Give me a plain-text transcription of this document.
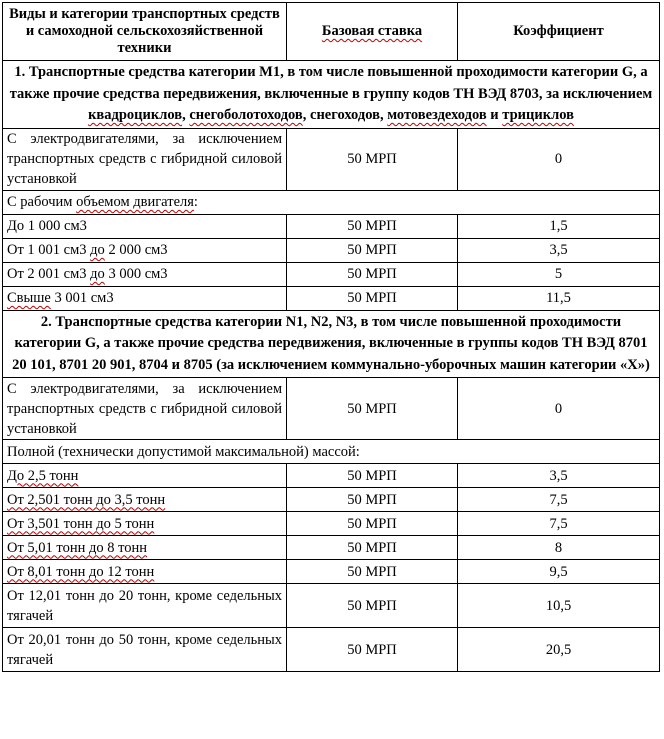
Виды и категории транспортных средств и самоходной сельскохозяйственной техники	Базовая ставка	Коэффициент
1. Транспортные средства категории М1, в том числе повышенной проходимости категории G, а также прочие средства передвижения, включенные в группу кодов ТН ВЭД 8703, за исключением квадроциклов, снегоболотоходов, снегоходов, мотовездеходов и трициклов		
С электродвигателями, за исключением транспортных средств с гибридной силовой установкой	50 МРП	0
С рабочим объемом двигателя:		
До 1 000 см3	50 МРП	1,5
От 1 001 см3 до 2 000 см3	50 МРП	3,5
От 2 001 см3 до 3 000 см3	50 МРП	5
Свыше 3 001 см3	50 МРП	11,5
2. Транспортные средства категории N1, N2, N3, в том числе повышенной проходимости категории G, а также прочие средства передвижения, включенные в группы кодов ТН ВЭД 8701 20 101, 8701 20 901, 8704 и 8705 (за исключением коммунально-уборочных машин категории «Х»)		
С электродвигателями, за исключением транспортных средств с гибридной силовой установкой	50 МРП	0
Полной (технически допустимой максимальной) массой:		
До 2,5 тонн	50 МРП	3,5
От 2,501 тонн до 3,5 тонн	50 МРП	7,5
От 3,501 тонн до 5 тонн	50 МРП	7,5
От 5,01 тонн до 8 тонн	50 МРП	8
От 8,01 тонн до 12 тонн	50 МРП	9,5
От 12,01 тонн до 20 тонн, кроме седельных тягачей	50 МРП	10,5
От 20,01 тонн до 50 тонн, кроме седельных тягачей	50 МРП	20,5
